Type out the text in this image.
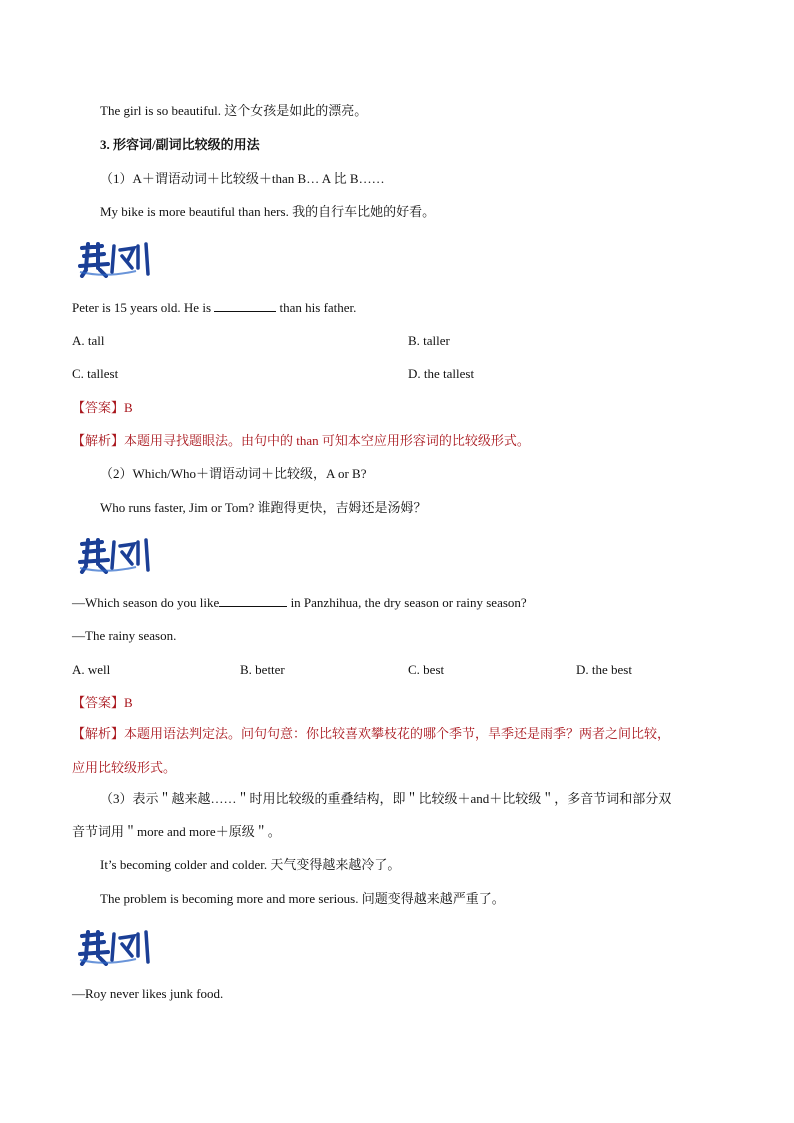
The girl is so beautiful. 这个女孩是如此的漂亮。
3. 形容词/副词比较级的用法
（1）A＋谓语动词＋比较级＋than B… A 比 B……
My bike is more beautiful than hers. 我的自行车比她的好看。
Peter is 15 years old. He is	than his father.
A. tall	B. taller
C. tallest	D. the tallest
【答案】B
【解析】本题用寻找题眼法。由句中的 than 可知本空应用形容词的比较级形式。
（2）Which/Who＋谓语动词＋比较级，A or B?
Who runs faster, Jim or Tom? 谁跑得更快，吉姆还是汤姆？
—Which season do you like	in Panzhihua, the dry season or rainy season?
—The rainy season.
A. well	B. better	C. best	D. the best
【答案】B
【解析】本题用语法判定法。问句句意：你比较喜欢攀枝花的哪个季节，旱季还是雨季？两者之间比较，
应用比较级形式。
（3）表示＂越来越……＂时用比较级的重叠结构，即＂比较级＋and＋比较级＂，多音节词和部分双
音节词用＂more and more＋原级＂。
It’s becoming colder and colder. 天气变得越来越冷了。
The problem is becoming more and more serious. 问题变得越来越严重了。
—Roy never likes junk food.
